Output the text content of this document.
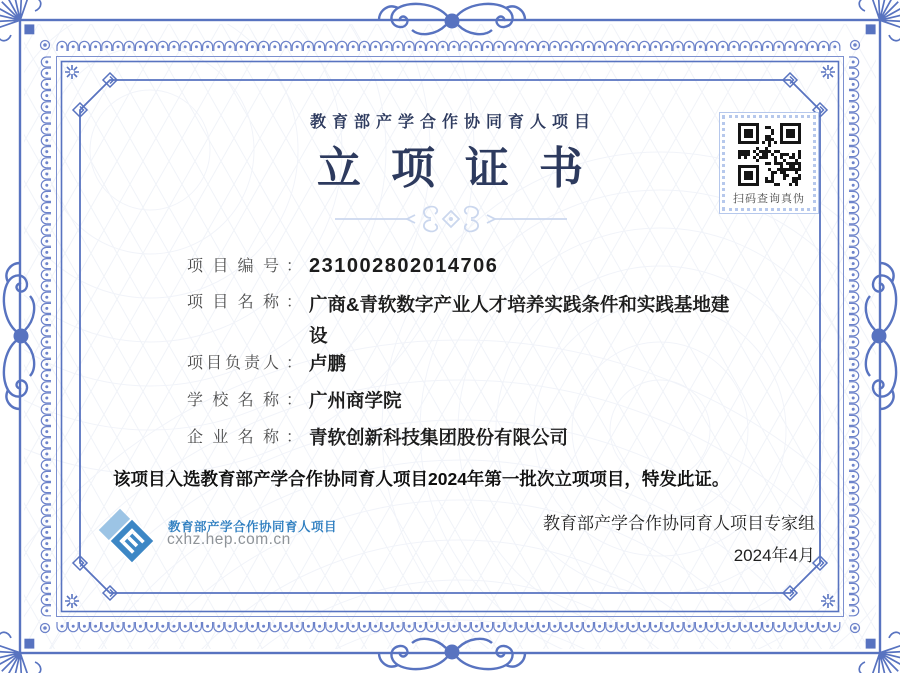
教育部产学合作协同育人项目
立项证书
扫码查询真伪
项目编号 ： 231002802014706
项目名称 ： 广商&青软数字产业人才培养实践条件和实践基地建设
项目负责人 ： 卢鹏
学校名称 ： 广州商学院
企业名称 ： 青软创新科技集团股份有限公司
该项目入选教育部产学合作协同育人项目2024年第一批次立项项目，特发此证。
教育部产学合作协同育人项目
cxhz.hep.com.cn
教育部产学合作协同育人项目专家组
2024年4月
